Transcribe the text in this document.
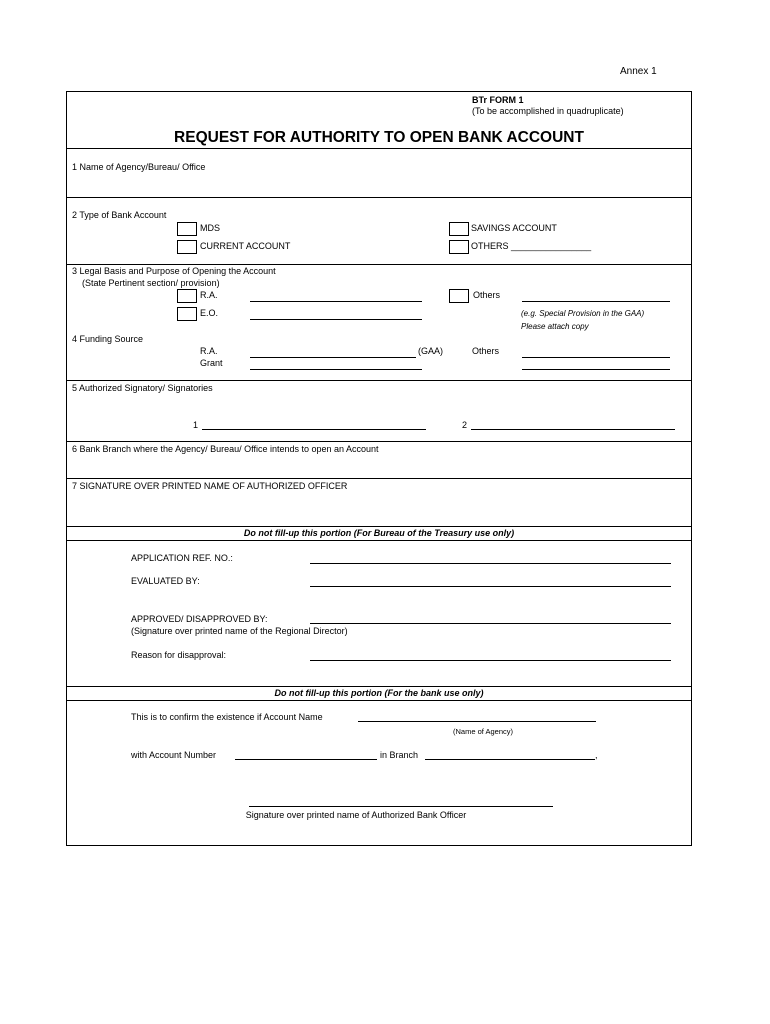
Annex 1
BTr FORM 1
(To be accomplished in quadruplicate)
REQUEST FOR AUTHORITY TO OPEN BANK ACCOUNT
1 Name of Agency/Bureau/ Office
2 Type of Bank Account
MDS
CURRENT ACCOUNT
SAVINGS ACCOUNT
OTHERS ________________
3 Legal Basis and Purpose of Opening the Account
(State Pertinent section/ provision)
R.A.	Others
E.O.	(e.g. Special Provision in the GAA)
Please attach copy
4 Funding Source
R.A.	(GAA)	Others
Grant
5 Authorized Signatory/ Signatories
1	2
6 Bank Branch where the Agency/ Bureau/ Office intends to open an Account
7 SIGNATURE OVER PRINTED NAME OF AUTHORIZED OFFICER
Do not fill-up this portion (For Bureau of the Treasury use only)
APPLICATION REF. NO.:
EVALUATED BY:
APPROVED/ DISAPPROVED BY:
(Signature over printed name of the Regional Director)
Reason for disapproval:
Do not fill-up this portion (For the bank use only)
This is to confirm the existence if Account Name
(Name of Agency)
with Account Number	in Branch	,
Signature over printed name of Authorized Bank Officer
